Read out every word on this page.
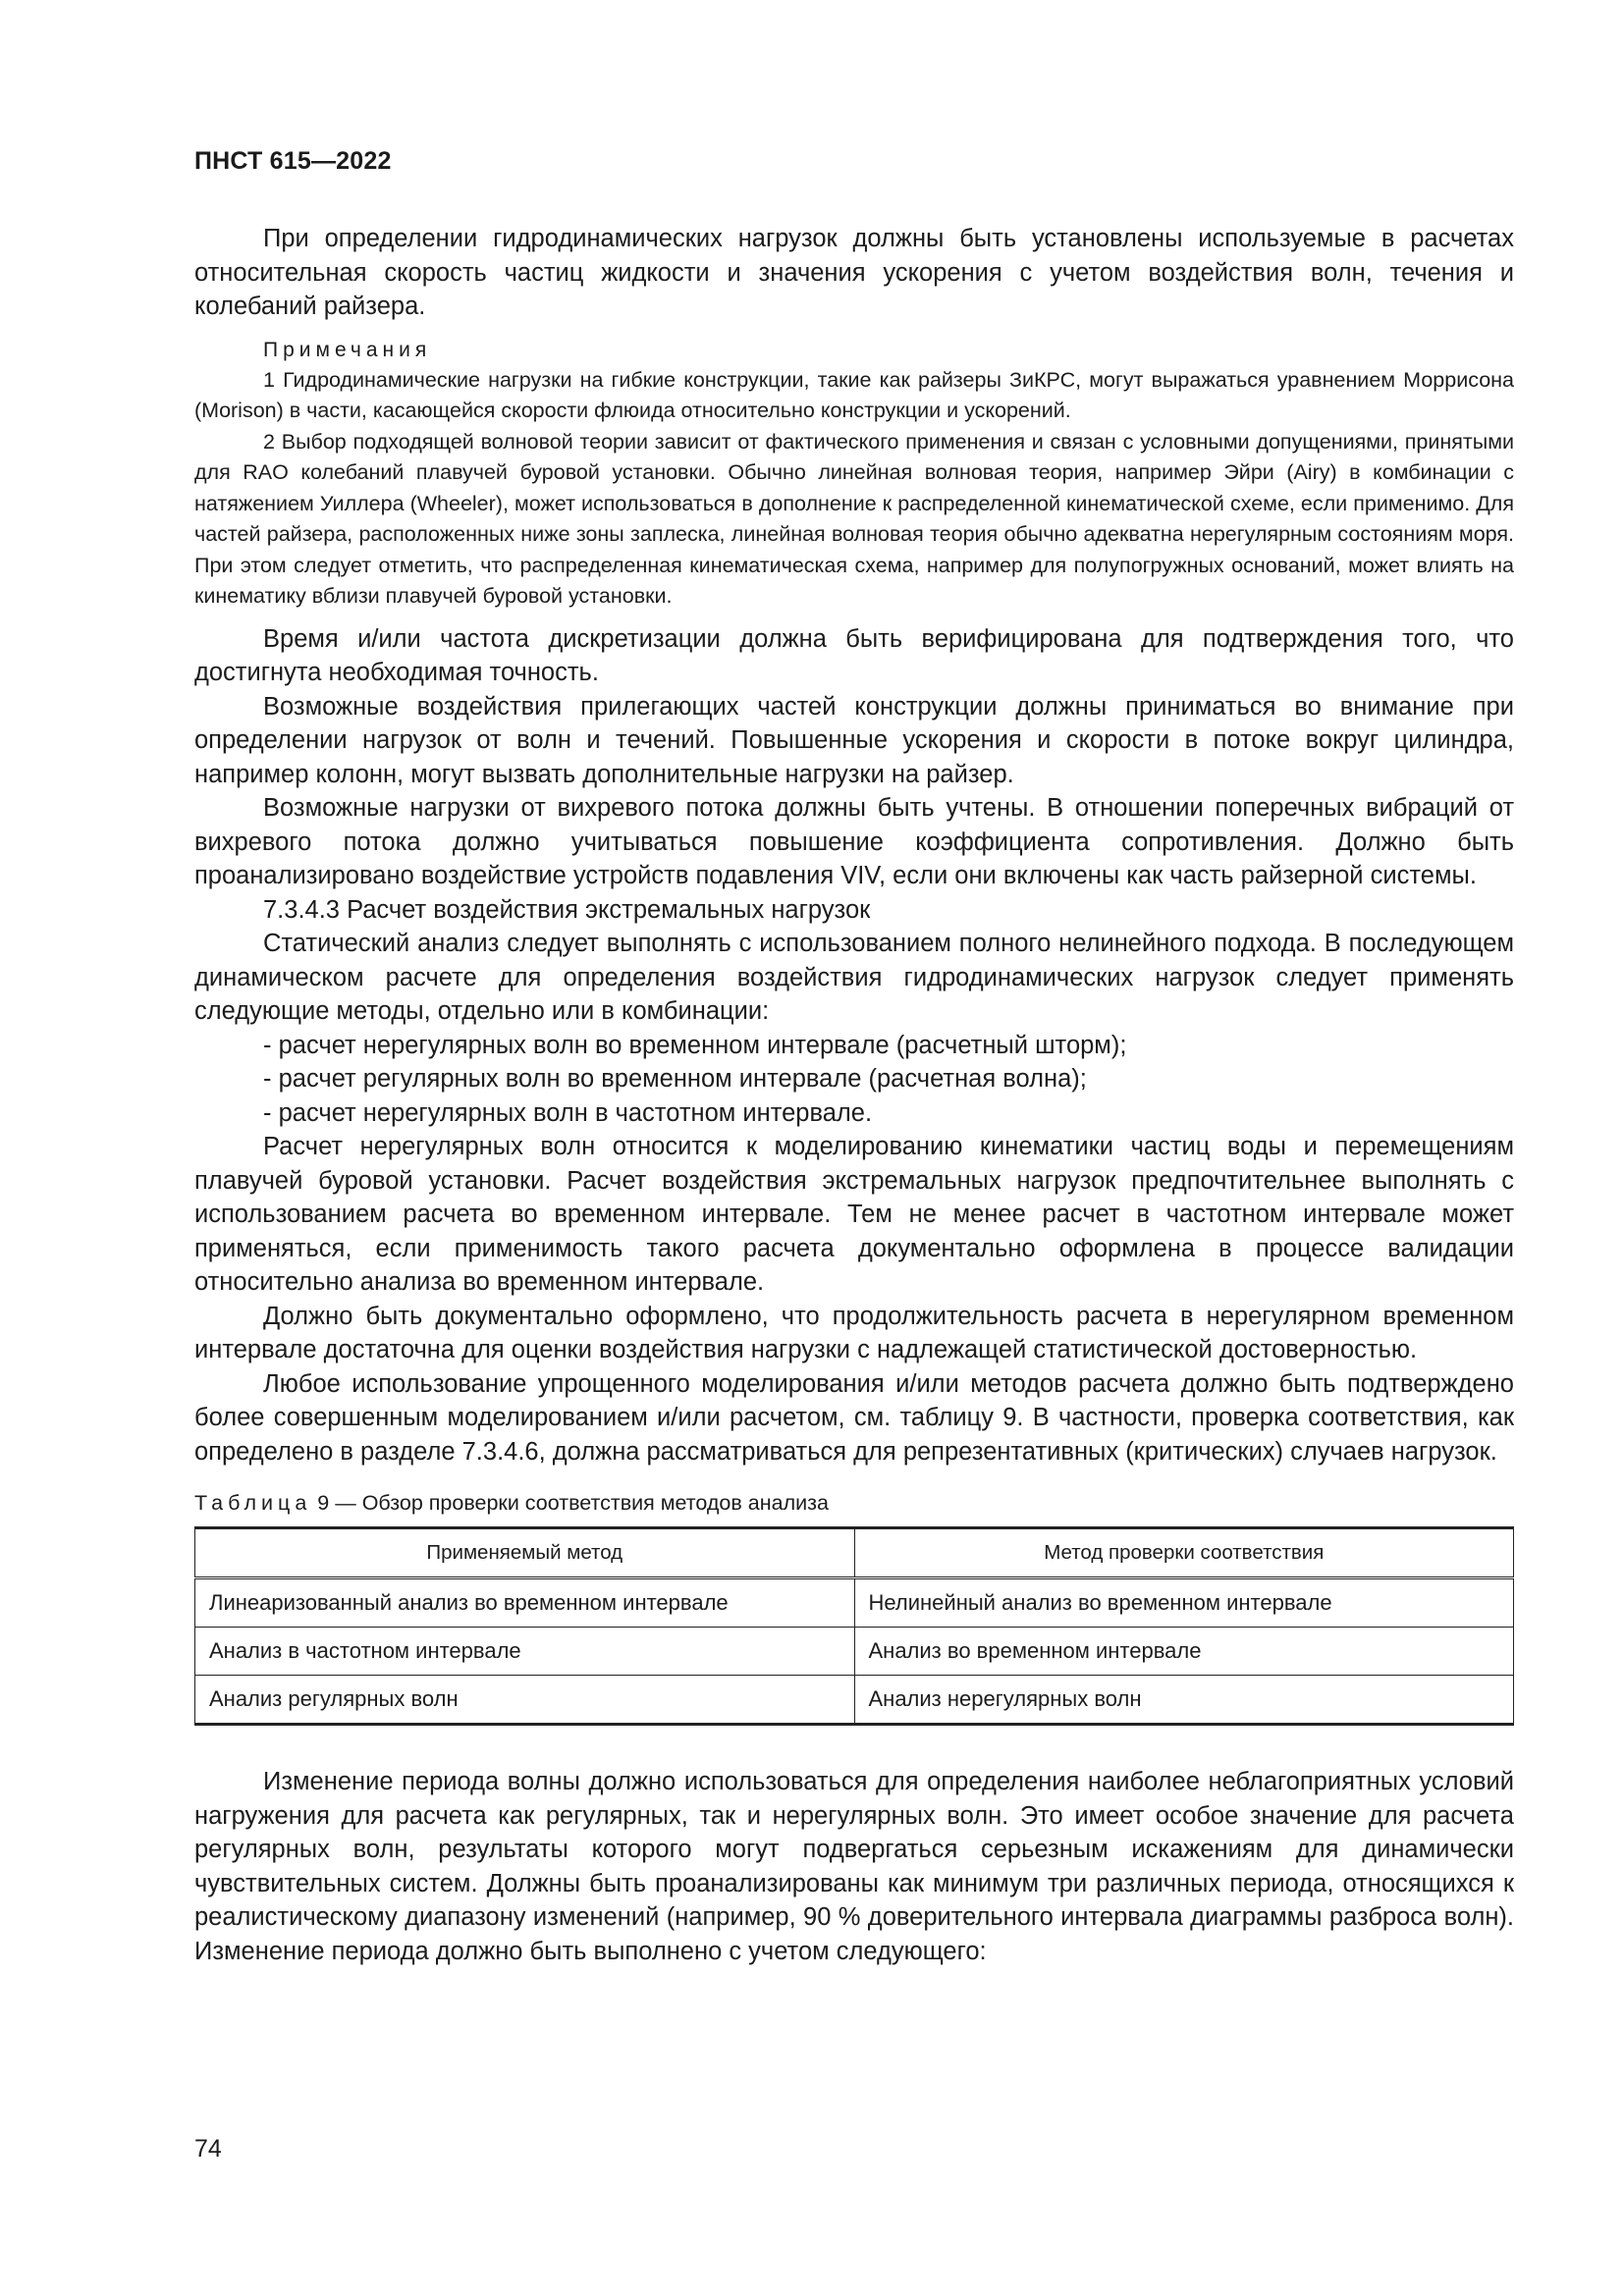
ПНСТ 615—2022

При определении гидродинамических нагрузок должны быть установлены используемые в расчетах относительная скорость частиц жидкости и значения ускорения с учетом воздействия волн, течения и колебаний райзера.

Примечания

1 Гидродинамические нагрузки на гибкие конструкции, такие как райзеры ЗиКРС, могут выражаться уравнением Моррисона (Morison) в части, касающейся скорости флюида относительно конструкции и ускорений.

2 Выбор подходящей волновой теории зависит от фактического применения и связан с условными допущениями, принятыми для RAO колебаний плавучей буровой установки. Обычно линейная волновая теория, например Эйри (Airy) в комбинации с натяжением Уиллера (Wheeler), может использоваться в дополнение к распределенной кинематической схеме, если применимо. Для частей райзера, расположенных ниже зоны заплеска, линейная волновая теория обычно адекватна нерегулярным состояниям моря. При этом следует отметить, что распределенная кинематическая схема, например для полупогружных оснований, может влиять на кинематику вблизи плавучей буровой установки.

Время и/или частота дискретизации должна быть верифицирована для подтверждения того, что достигнута необходимая точность.

Возможные воздействия прилегающих частей конструкции должны приниматься во внимание при определении нагрузок от волн и течений. Повышенные ускорения и скорости в потоке вокруг цилиндра, например колонн, могут вызвать дополнительные нагрузки на райзер.

Возможные нагрузки от вихревого потока должны быть учтены. В отношении поперечных вибраций от вихревого потока должно учитываться повышение коэффициента сопротивления. Должно быть проанализировано воздействие устройств подавления VIV, если они включены как часть райзерной системы.

7.3.4.3 Расчет воздействия экстремальных нагрузок

Статический анализ следует выполнять с использованием полного нелинейного подхода. В последующем динамическом расчете для определения воздействия гидродинамических нагрузок следует применять следующие методы, отдельно или в комбинации:

- расчет нерегулярных волн во временном интервале (расчетный шторм);

- расчет регулярных волн во временном интервале (расчетная волна);

- расчет нерегулярных волн в частотном интервале.

Расчет нерегулярных волн относится к моделированию кинематики частиц воды и перемещениям плавучей буровой установки. Расчет воздействия экстремальных нагрузок предпочтительнее выполнять с использованием расчета во временном интервале. Тем не менее расчет в частотном интервале может применяться, если применимость такого расчета документально оформлена в процессе валидации относительно анализа во временном интервале.

Должно быть документально оформлено, что продолжительность расчета в нерегулярном временном интервале достаточна для оценки воздействия нагрузки с надлежащей статистической достоверностью.

Любое использование упрощенного моделирования и/или методов расчета должно быть подтверждено более совершенным моделированием и/или расчетом, см. таблицу 9. В частности, проверка соответствия, как определено в разделе 7.3.4.6, должна рассматриваться для репрезентативных (критических) случаев нагрузок.

Таблица 9 — Обзор проверки соответствия методов анализа

Применяемый метод	Метод проверки соответствия
Линеаризованный анализ во временном интервале	Нелинейный анализ во временном интервале
Анализ в частотном интервале	Анализ во временном интервале
Анализ регулярных волн	Анализ нерегулярных волн

Изменение периода волны должно использоваться для определения наиболее неблагоприятных условий нагружения для расчета как регулярных, так и нерегулярных волн. Это имеет особое значение для расчета регулярных волн, результаты которого могут подвергаться серьезным искажениям для динамически чувствительных систем. Должны быть проанализированы как минимум три различных периода, относящихся к реалистическому диапазону изменений (например, 90 % доверительного интервала диаграммы разброса волн). Изменение периода должно быть выполнено с учетом следующего:

74
